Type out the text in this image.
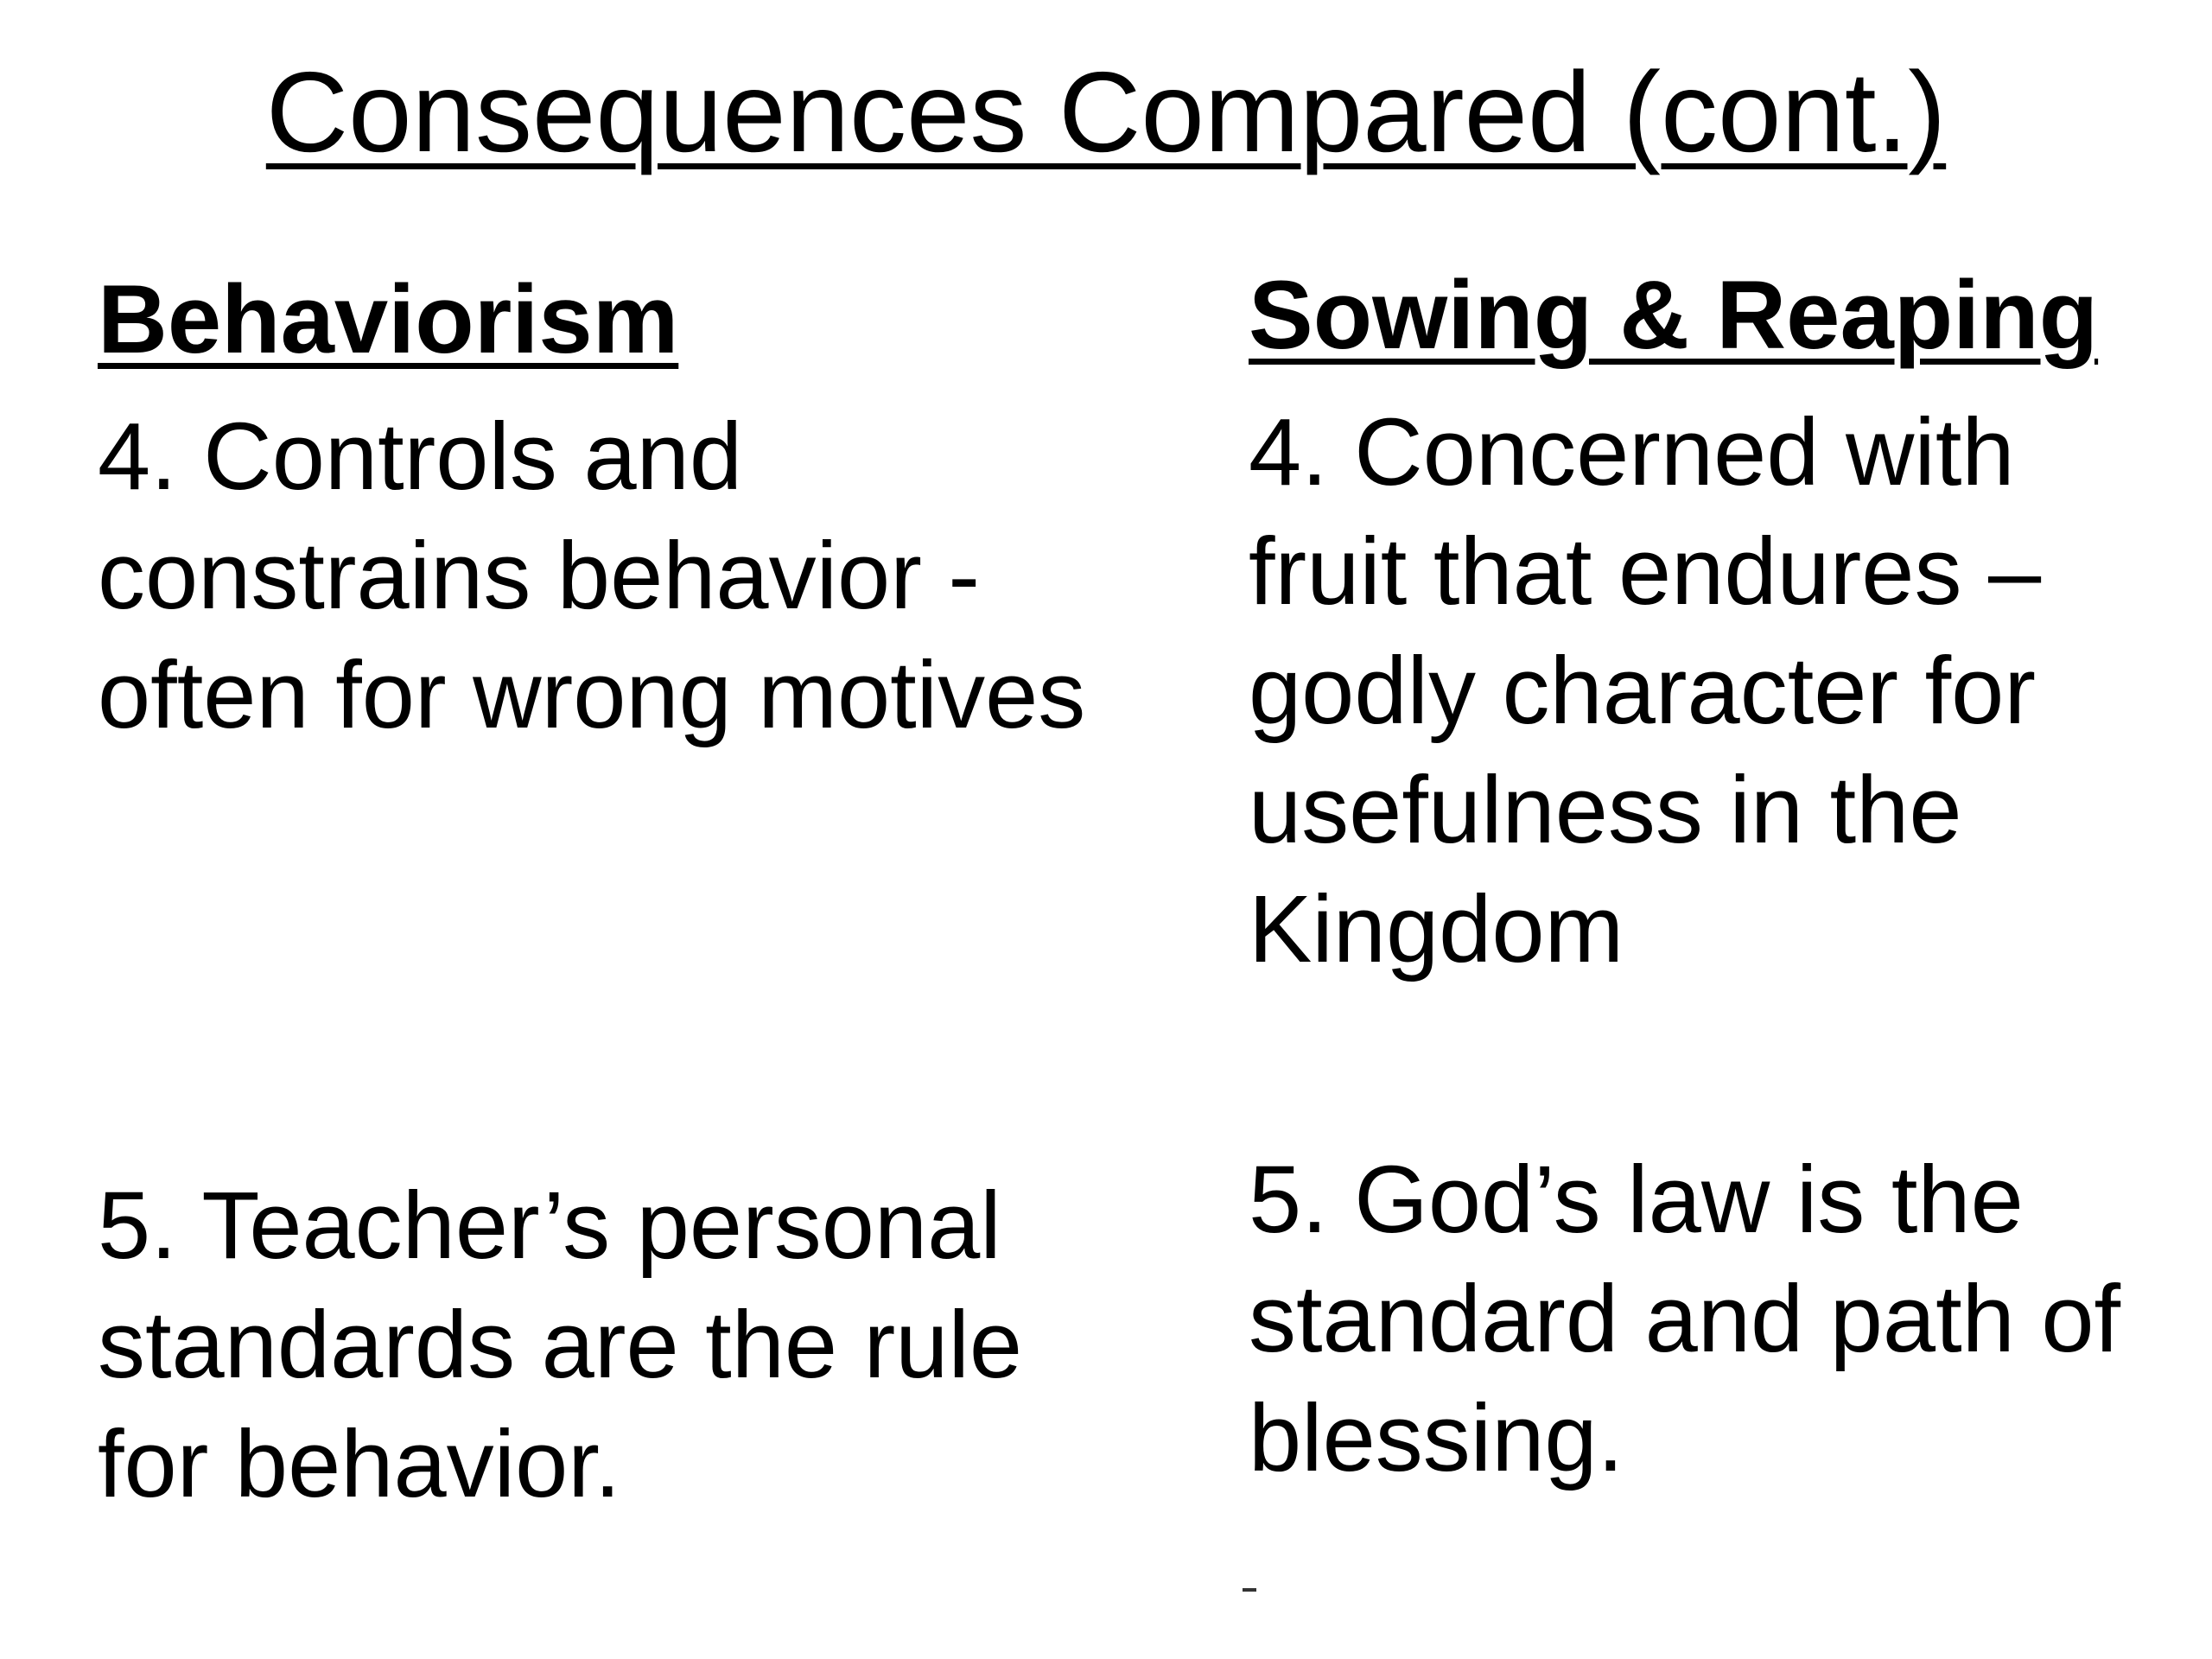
Consequences Compared (cont.)
Behaviorism	Sowing & Reaping

4. Controls and constrains behavior - often for wrong motives

4. Concerned with fruit that endures – godly character for usefulness in the Kingdom

5. Teacher’s personal standards are the rule for behavior.

5. God’s law is the standard and path of blessing.
